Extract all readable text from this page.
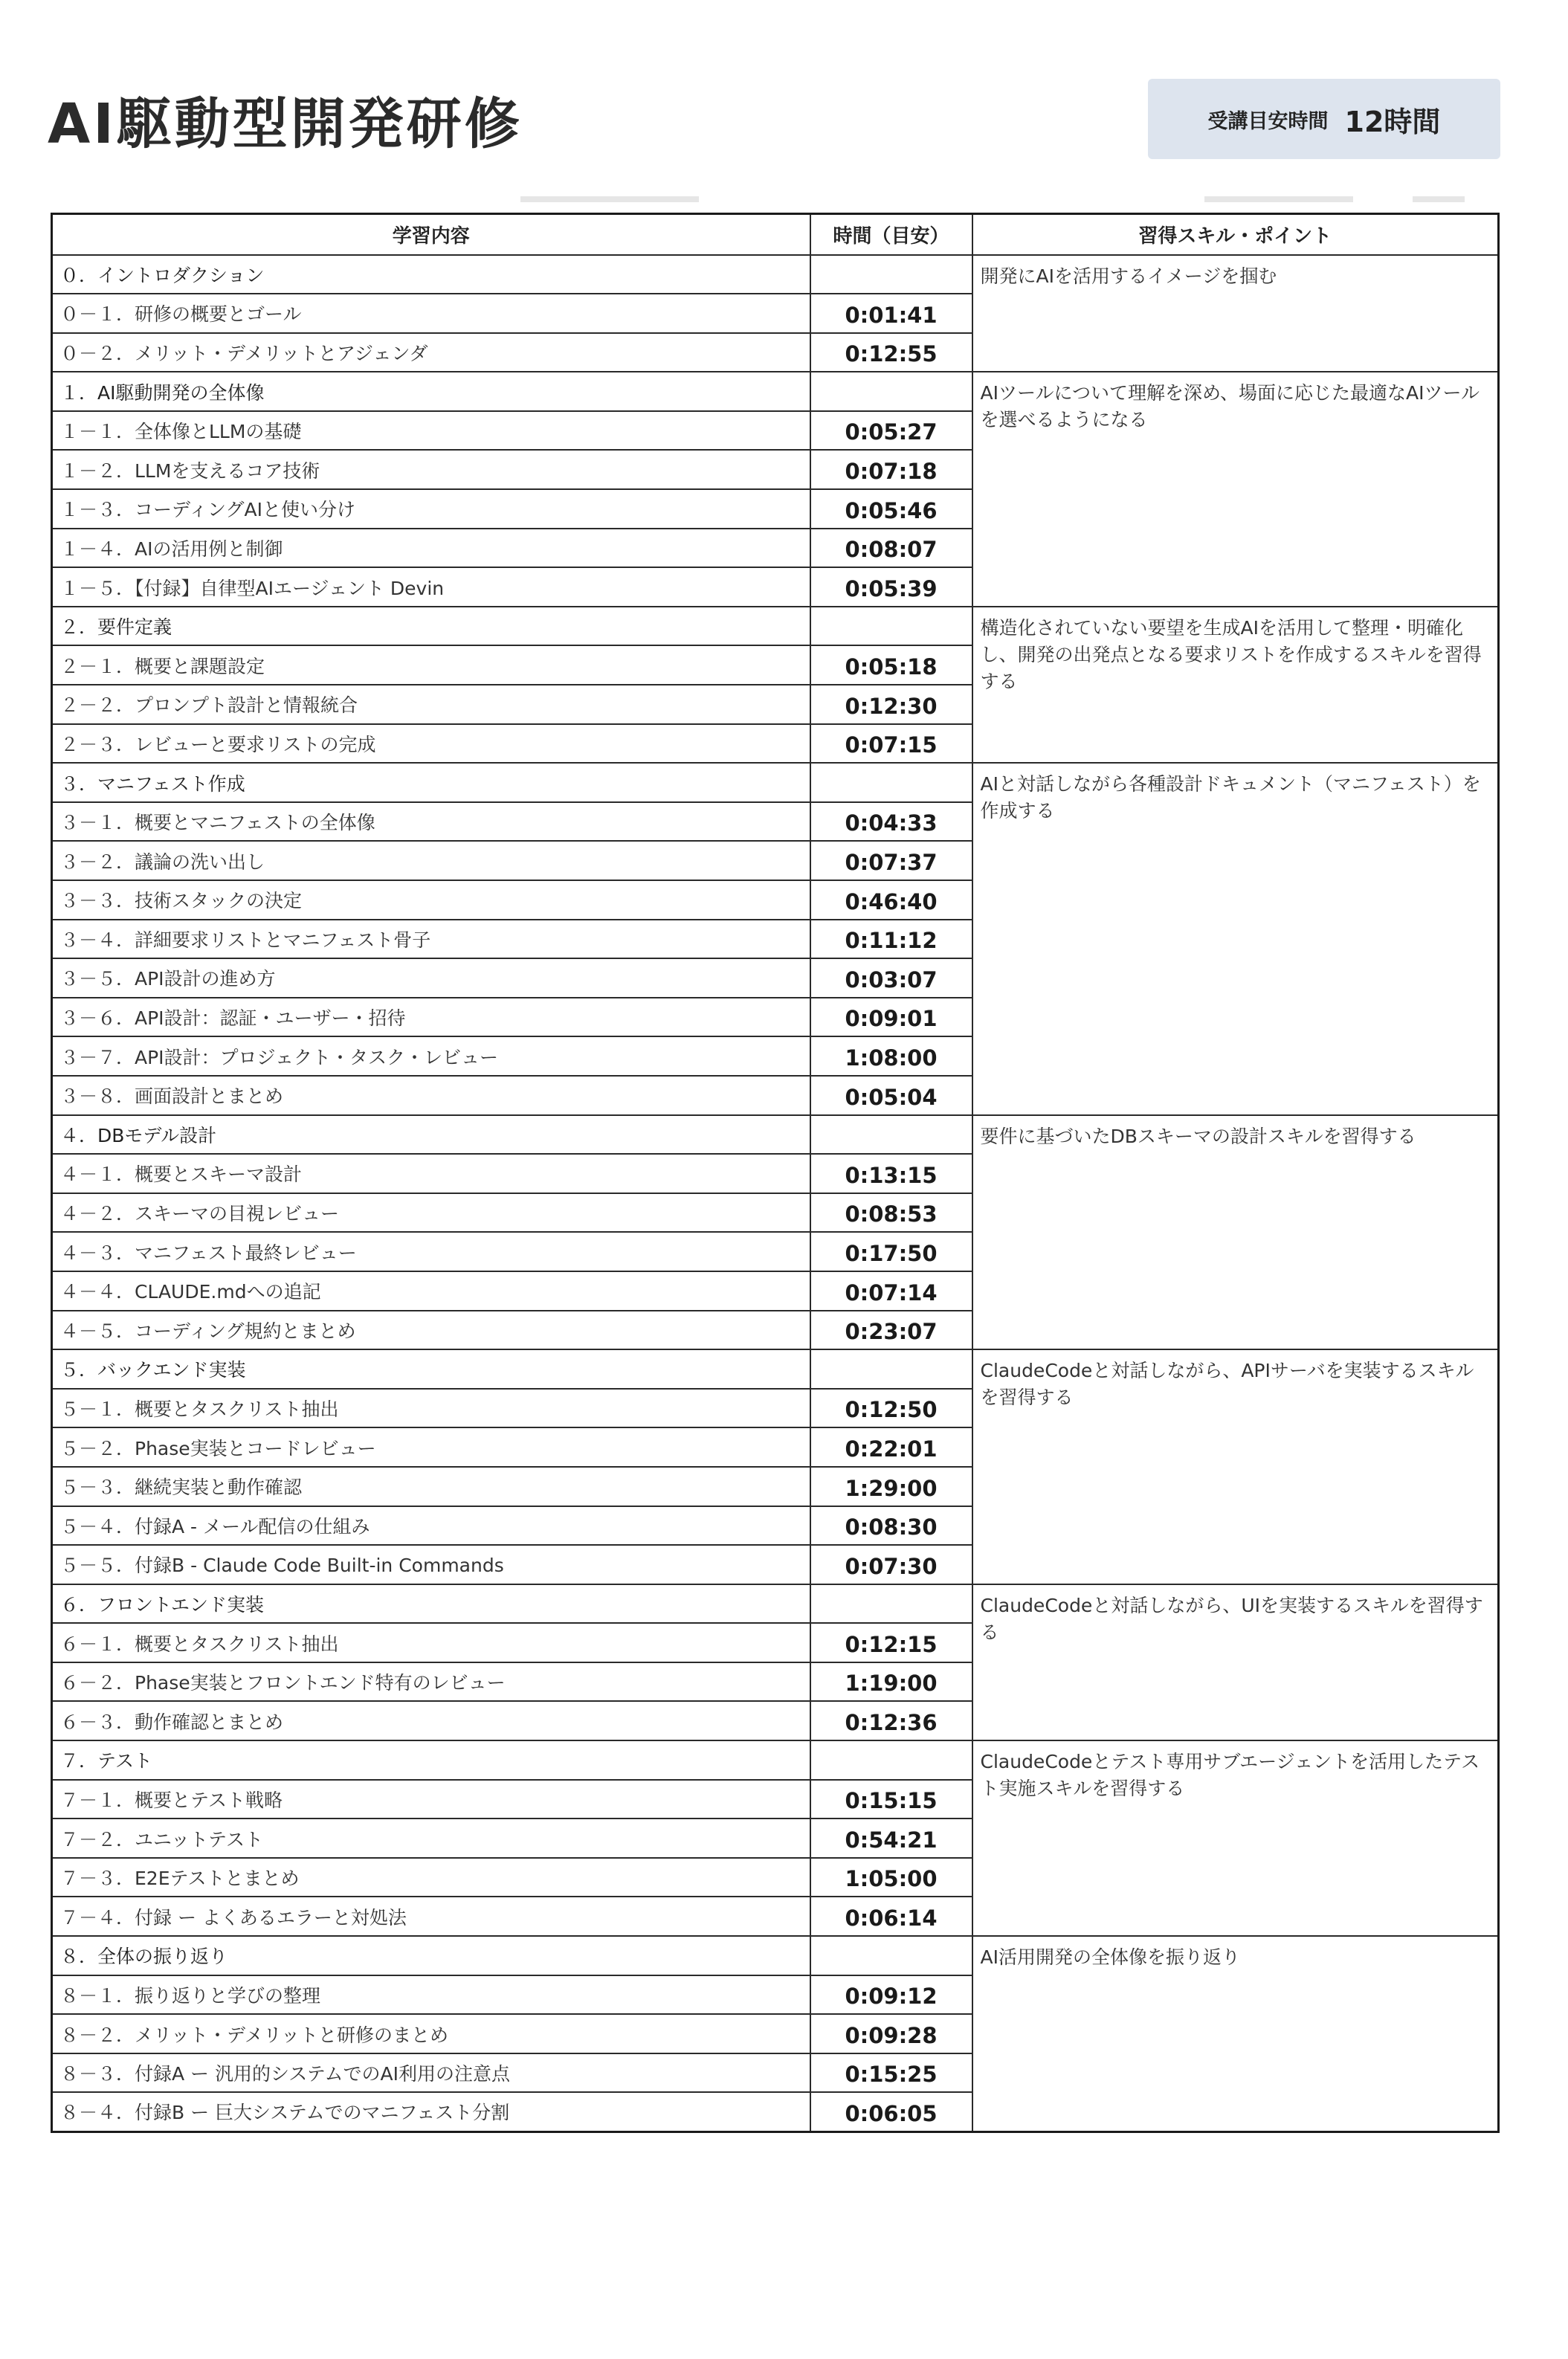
AI駆動型開発研修	受講目安時間 12時間
学習内容	時間（目安）	習得スキル・ポイント
０．イントロダクション		開発にAIを活用するイメージを掴む
０－１．研修の概要とゴール	0:01:41	
０－２．メリット・デメリットとアジェンダ	0:12:55	
１．AI駆動開発の全体像		AIツールについて理解を深め、場面に応じた最適なAIツールを選べるようになる
１－１．全体像とLLMの基礎	0:05:27	
１－２．LLMを支えるコア技術	0:07:18	
１－３．コーディングAIと使い分け	0:05:46	
１－４．AIの活用例と制御	0:08:07	
１－５．【付録】自律型AIエージェント Devin	0:05:39	
２．要件定義		構造化されていない要望を生成AIを活用して整理・明確化し、開発の出発点となる要求リストを作成するスキルを習得する
２－１．概要と課題設定	0:05:18	
２－２．プロンプト設計と情報統合	0:12:30	
２－３．レビューと要求リストの完成	0:07:15	
３．マニフェスト作成		AIと対話しながら各種設計ドキュメント（マニフェスト）を作成する
３－１．概要とマニフェストの全体像	0:04:33	
３－２．議論の洗い出し	0:07:37	
３－３．技術スタックの決定	0:46:40	
３－４．詳細要求リストとマニフェスト骨子	0:11:12	
３－５．API設計の進め方	0:03:07	
３－６．API設計：認証・ユーザー・招待	0:09:01	
３－７．API設計：プロジェクト・タスク・レビュー	1:08:00	
３－８．画面設計とまとめ	0:05:04	
４．DBモデル設計		要件に基づいたDBスキーマの設計スキルを習得する
４－１．概要とスキーマ設計	0:13:15	
４－２．スキーマの目視レビュー	0:08:53	
４－３．マニフェスト最終レビュー	0:17:50	
４－４．CLAUDE.mdへの追記	0:07:14	
４－５．コーディング規約とまとめ	0:23:07	
５．バックエンド実装		ClaudeCodeと対話しながら、APIサーバを実装するスキルを習得する
５－１．概要とタスクリスト抽出	0:12:50	
５－２．Phase実装とコードレビュー	0:22:01	
５－３．継続実装と動作確認	1:29:00	
５－４．付録A - メール配信の仕組み	0:08:30	
５－５．付録B - Claude Code Built-in Commands	0:07:30	
６．フロントエンド実装		ClaudeCodeと対話しながら、UIを実装するスキルを習得する
６－１．概要とタスクリスト抽出	0:12:15	
６－２．Phase実装とフロントエンド特有のレビュー	1:19:00	
６－３．動作確認とまとめ	0:12:36	
７．テスト		ClaudeCodeとテスト専用サブエージェントを活用したテスト実施スキルを習得する
７－１．概要とテスト戦略	0:15:15	
７－２．ユニットテスト	0:54:21	
７－３．E2Eテストとまとめ	1:05:00	
７－４．付録 ー よくあるエラーと対処法	0:06:14	
８．全体の振り返り		AI活用開発の全体像を振り返り
８－１．振り返りと学びの整理	0:09:12	
８－２．メリット・デメリットと研修のまとめ	0:09:28	
８－３．付録A ー 汎用的システムでのAI利用の注意点	0:15:25	
８－４．付録B ー 巨大システムでのマニフェスト分割	0:06:05	
